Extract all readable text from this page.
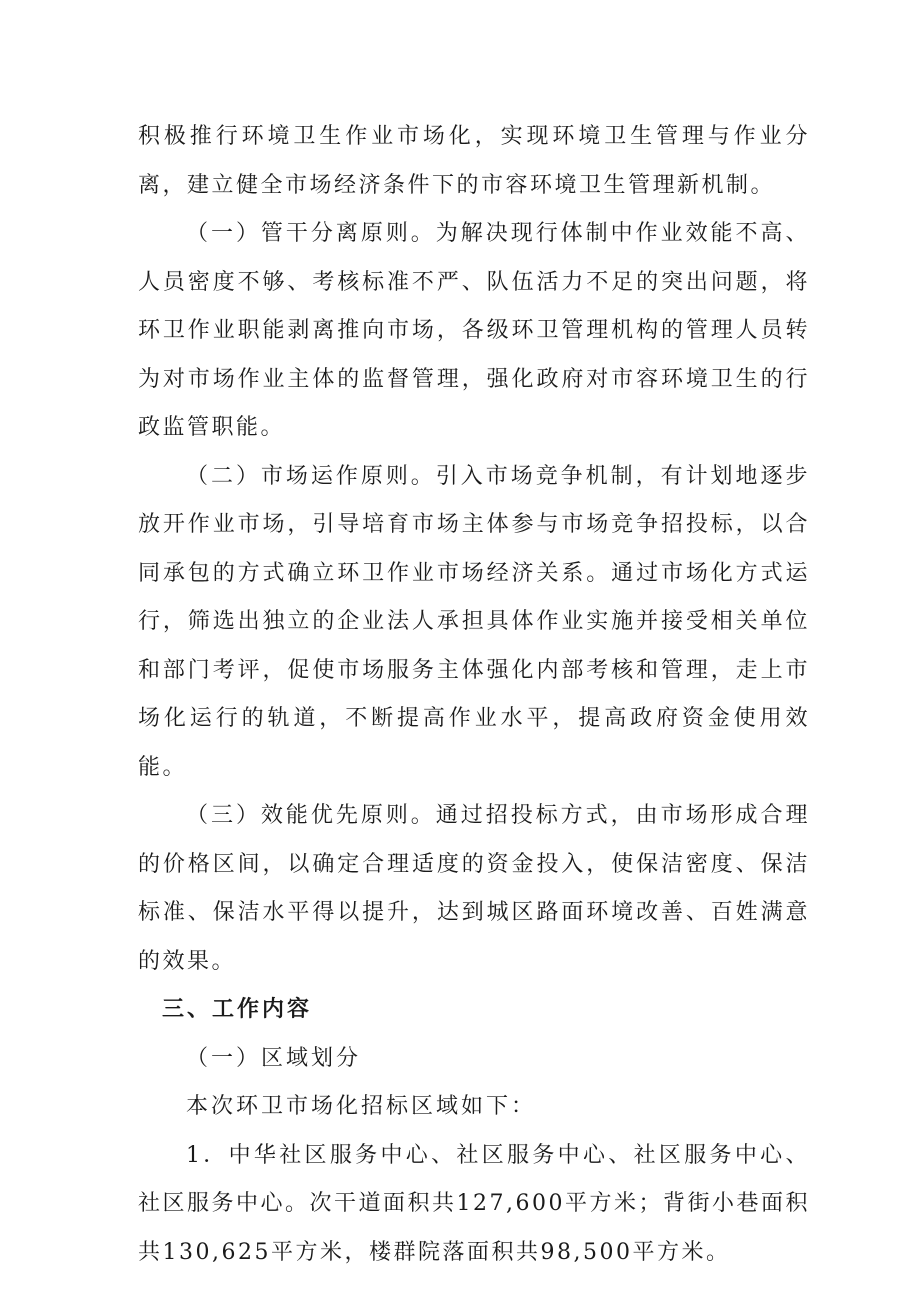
积极推行环境卫生作业市场化，实现环境卫生管理与作业分离，建立健全市场经济条件下的市容环境卫生管理新机制。

（一）管干分离原则。为解决现行体制中作业效能不高、人员密度不够、考核标准不严、队伍活力不足的突出问题，将环卫作业职能剥离推向市场，各级环卫管理机构的管理人员转为对市场作业主体的监督管理，强化政府对市容环境卫生的行政监管职能。

（二）市场运作原则。引入市场竞争机制，有计划地逐步放开作业市场，引导培育市场主体参与市场竞争招投标，以合同承包的方式确立环卫作业市场经济关系。通过市场化方式运行，筛选出独立的企业法人承担具体作业实施并接受相关单位和部门考评，促使市场服务主体强化内部考核和管理，走上市场化运行的轨道，不断提高作业水平，提高政府资金使用效能。

（三）效能优先原则。通过招投标方式，由市场形成合理的价格区间，以确定合理适度的资金投入，使保洁密度、保洁标准、保洁水平得以提升，达到城区路面环境改善、百姓满意的效果。

三、工作内容

（一）区域划分

本次环卫市场化招标区域如下：

1．中华社区服务中心、社区服务中心、社区服务中心、社区服务中心。次干道面积共127,600平方米；背街小巷面积共130,625平方米，楼群院落面积共98,500平方米。
